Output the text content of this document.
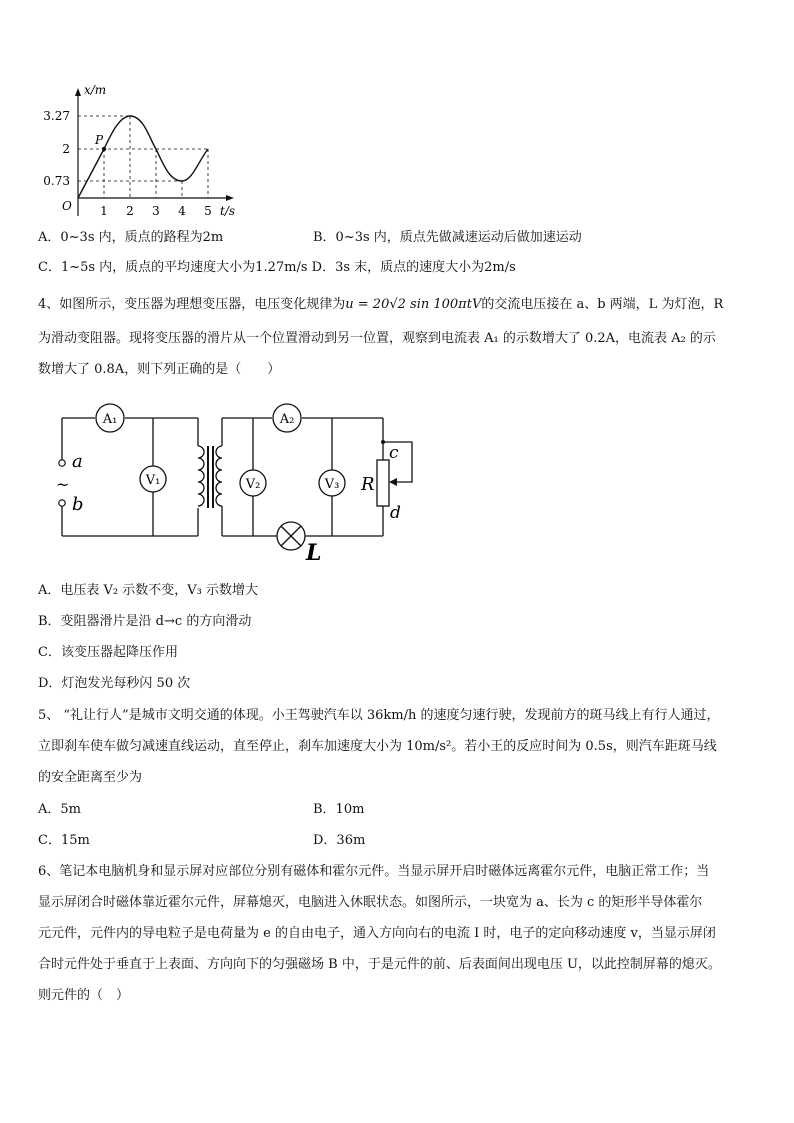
x/m
t/s
O
P
3.27
2
0.73
1 2 3 4 5
A．0~3s 内，质点的路程为2m	B．0~3s 内，质点先做减速运动后做加速运动
C．1~5s 内，质点的平均速度大小为1.27m/s D．3s 末，质点的速度大小为2m/s
4、如图所示，变压器为理想变压器，电压变化规律为u = 20√2 sin 100πtV的交流电压接在 a、b 两端，L 为灯泡，R
为滑动变阻器。现将变压器的滑片从一个位置滑动到另一位置，观察到电流表 A₁ 的示数增大了 0.2A，电流表 A₂ 的示
数增大了 0.8A，则下列正确的是（　　）
A₁	A₂
V₁	V₂	V₃
a
~
b
R
c
d
L
A．电压表 V₂ 示数不变，V₃ 示数增大
B．变阻器滑片是沿 d→c 的方向滑动
C．该变压器起降压作用
D．灯泡发光每秒闪 50 次
5、 “礼让行人”是城市文明交通的体现。小王驾驶汽车以 36km/h 的速度匀速行驶，发现前方的斑马线上有行人通过，
立即刹车使车做匀减速直线运动，直至停止，刹车加速度大小为 10m/s²。若小王的反应时间为 0.5s，则汽车距斑马线
的安全距离至少为
A．5m	B．10m
C．15m	D．36m
6、笔记本电脑机身和显示屏对应部位分别有磁体和霍尔元件。当显示屏开启时磁体远离霍尔元件，电脑正常工作；当
显示屏闭合时磁体靠近霍尔元件，屏幕熄灭，电脑进入休眠状态。如图所示，一块宽为 a、长为 c 的矩形半导体霍尔
元元件，元件内的导电粒子是电荷量为 e 的自由电子，通入方向向右的电流 I 时，电子的定向移动速度 v，当显示屏闭
合时元件处于垂直于上表面、方向向下的匀强磁场 B 中，于是元件的前、后表面间出现电压 U，以此控制屏幕的熄灭。
则元件的（　）
